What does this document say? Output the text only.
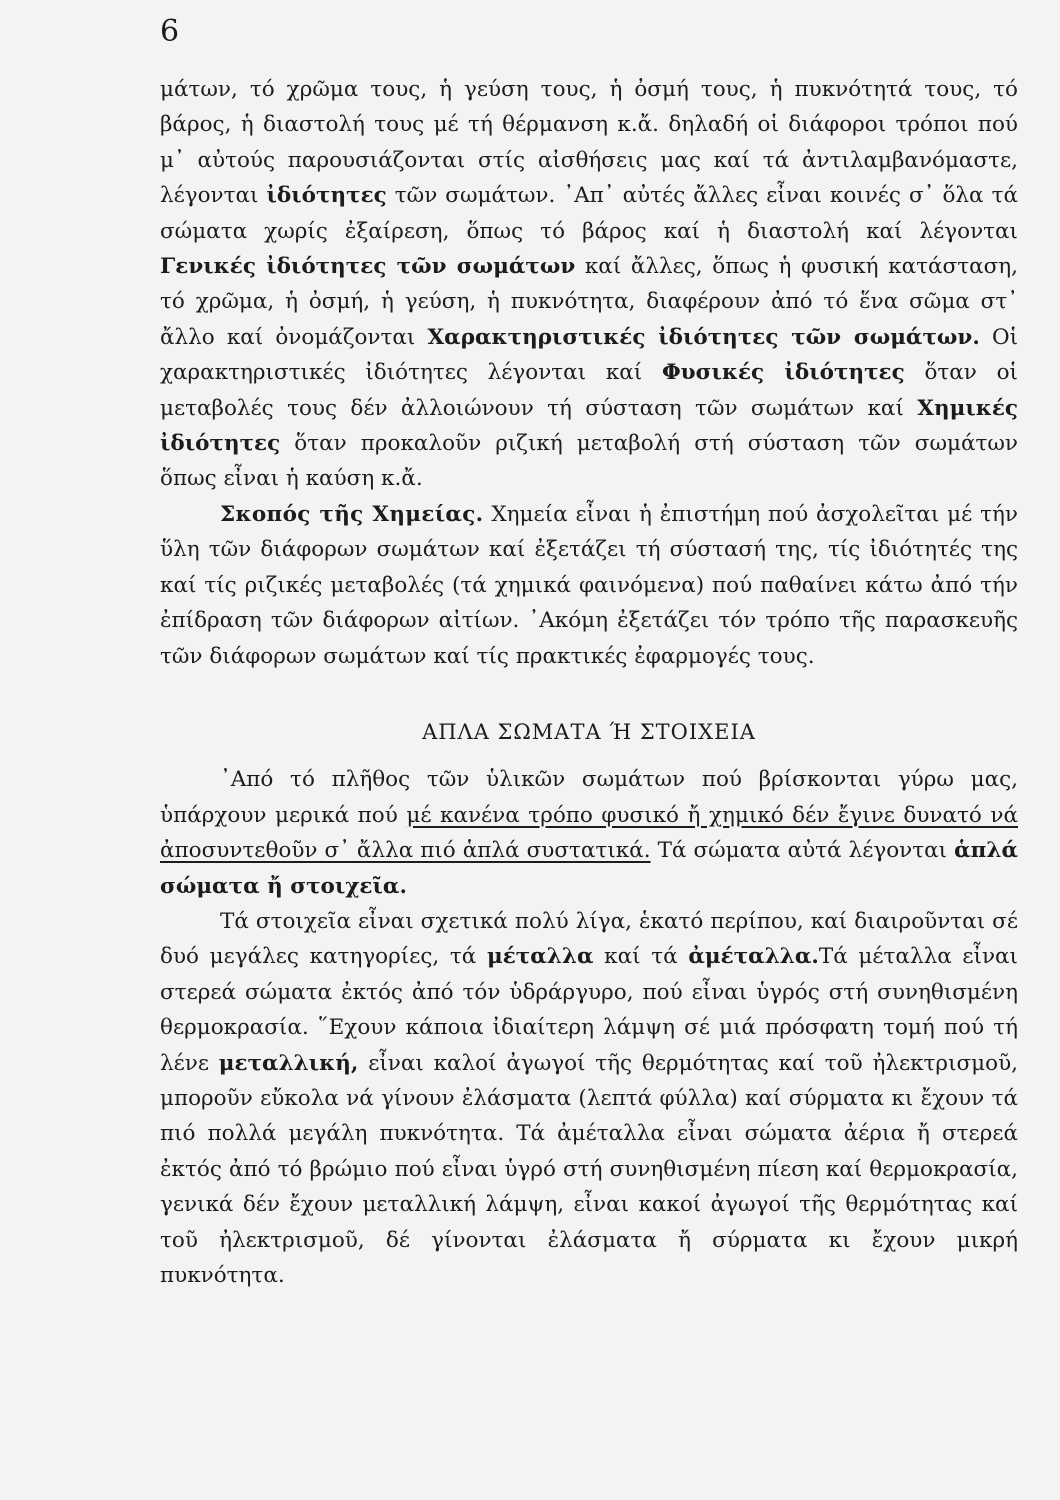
6

μάτων, τό χρῶμα τους, ἡ γεύση τους, ἡ ὀσμή τους, ἡ πυκνότητά τους, τό βάρος, ἡ διαστολή τους μέ τή θέρμανση κ.ἄ. δηλαδή οἱ διάφοροι τρόποι πού μ᾿ αὐτούς παρουσιάζονται στίς αἰσθήσεις μας καί τά ἀντιλαμβανόμαστε, λέγονται ἰδιότητες τῶν σωμάτων. ᾿Απ᾿ αὐτές ἄλλες εἶναι κοινές σ᾿ ὅλα τά σώματα χωρίς ἐξαίρεση, ὅπως τό βάρος καί ἡ διαστολή καί λέγονται Γενικές ἰδιότητες τῶν σωμάτων καί ἄλλες, ὅπως ἡ φυσική κατάσταση, τό χρῶμα, ἡ ὀσμή, ἡ γεύση, ἡ πυκνότητα, διαφέρουν ἀπό τό ἕνα σῶμα στ᾿ ἄλλο καί ὀνομάζονται Χαρακτηριστικές ἰδιότητες τῶν σωμάτων. Οἱ χαρακτηριστικές ἰδιότητες λέγονται καί Φυσικές ἰδιότητες ὅταν οἱ μεταβολές τους δέν ἀλλοιώνουν τή σύσταση τῶν σωμάτων καί Χημικές ἰδιότητες ὅταν προκαλοῦν ριζική μεταβολή στή σύσταση τῶν σωμάτων ὅπως εἶναι ἡ καύση κ.ἄ.

Σκοπός τῆς Χημείας. Χημεία εἶναι ἡ ἐπιστήμη πού ἀσχολεῖται μέ τήν ὕλη τῶν διάφορων σωμάτων καί ἐξετάζει τή σύστασή της, τίς ἰδιότητές της καί τίς ριζικές μεταβολές (τά χημικά φαινόμενα) πού παθαίνει κάτω ἀπό τήν ἐπίδραση τῶν διάφορων αἰτίων. ᾿Ακόμη ἐξετάζει τόν τρόπο τῆς παρασκευῆς τῶν διάφορων σωμάτων καί τίς πρακτικές ἐφαρμογές τους.

ΑΠΛΑ ΣΩΜΑΤΑ Ή ΣΤΟΙΧΕΙΑ

᾿Από τό πλῆθος τῶν ὑλικῶν σωμάτων πού βρίσκονται γύρω μας, ὑπάρχουν μερικά πού μέ κανένα τρόπο φυσικό ἤ χημικό δέν ἔγινε δυνατό νά ἀποσυντεθοῦν σ᾿ ἄλλα πιό ἁπλά συστατικά. Τά σώματα αὐτά λέγονται ἁπλά σώματα ἤ στοιχεῖα.

Τά στοιχεῖα εἶναι σχετικά πολύ λίγα, ἑκατό περίπου, καί διαιροῦνται σέ δυό μεγάλες κατηγορίες, τά μέταλλα καί τά ἀμέταλλα.Τά μέταλλα εἶναι στερεά σώματα ἐκτός ἀπό τόν ὑδράργυρο, πού εἶναι ὑγρός στή συνηθισμένη θερμοκρασία. ῞Εχουν κάποια ἰδιαίτερη λάμψη σέ μιά πρόσφατη τομή πού τή λένε μεταλλική, εἶναι καλοί ἀγωγοί τῆς θερμότητας καί τοῦ ἠλεκτρισμοῦ, μποροῦν εὔκολα νά γίνουν ἐλάσματα (λεπτά φύλλα) καί σύρματα κι ἔχουν τά πιό πολλά μεγάλη πυκνότητα. Τά ἀμέταλλα εἶναι σώματα ἀέρια ἤ στερεά ἐκτός ἀπό τό βρώμιο πού εἶναι ὑγρό στή συνηθισμένη πίεση καί θερμοκρασία, γενικά δέν ἔχουν μεταλλική λάμψη, εἶναι κακοί ἀγωγοί τῆς θερμότητας καί τοῦ ἠλεκτρισμοῦ, δέ γίνονται ἐλάσματα ἤ σύρματα κι ἔχουν μικρή πυκνότητα.
